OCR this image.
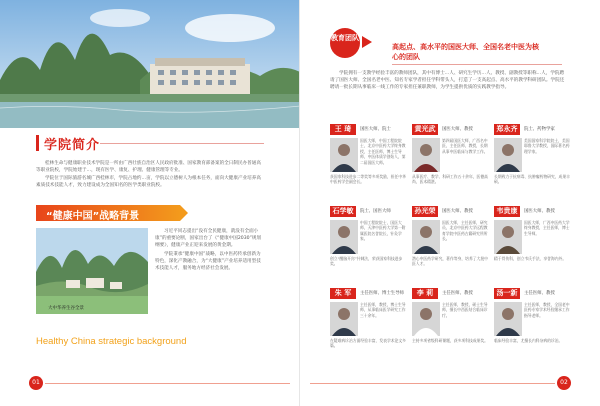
学院简介

桂林生命与健康职业技术学院是一所由广西壮族自治区人民政府批准、国家教育部备案的全日制民办普通高等职业院校，学院始建于…，现有医学、康复、护理、健康管理等专业。

学院位于国际旅游名城广西桂林市，学院占地约…亩，学院以立德树人为根本任务，面向大健康产业培养高素质技术技能人才，致力建设成为全国知名的医学类职业院校。

“健康中国”战略背景
大中华养生谷全景

习近平同志提出“没有全民健康，就没有全面小康”的重要论断，国家出台了《“健康中国2030”规划纲要》，健康产业正迎来发展的黄金期。

学院秉承“健康中国”战略，以中医药传承创新为特色，深化产教融合，为“大健康”产业培养适用型技术技能人才，服务地方经济社会发展。

Healthy China strategic background
01
教育团队
高起点、高水平的国医大师、全国名老中医为核心的团队

学院拥有一支教学经验丰富的教师团队，其中有博士…人、研究生学历…人、教授、副教授等职称…人，学院聘请了国医大师、全国名老中医、知名专家学者担任学科带头人，打造了一支高起点、高水平的教学科研团队。学院还聘请一批长期从事临床一线工作的专家担任兼职教师，为学生提供优质的实践教学指导。

王 琦	国医大师、院士
国医大师，中国工程院院士，北京中医药大学终身教授，主任医师，博士生导师，中医体质学创始人，第二届国医大师。
获国家科技进步二等奖等多项奖励，担任中华中医药学会副会长。
黄光武	国医大师、教授
第四届国医大师，广西名中医，主任医师，教授，长期从事中医临床与教学工作。
从事医疗、教学、科研工作五十余年，医德高尚，医术精湛。
郑永齐	院士、药物学家
美国国家科学院院士，美国耶鲁大学教授，国际著名药理学家。
长期致力于抗病毒、抗肿瘤药物研究，成果丰硕。
石学敏	院士、国医大师
中国工程院院士，国医大师，天津中医药大学第一附属医院名誉院长，针灸学家。
创立“醒脑开窍”针刺法，荣获国家科技进步奖。
孙光荣	国医大师、教授
国医大师，主任医师，研究员，北京中医药大学远程教育学院中医药古籍研究所所长。
潜心中医药学研究，著作等身，培养了大批中医人才。
韦贵康	国医大师、教授
国医大师，广西中医药大学终身教授，主任医师，博士生导师。
精于骨伤科，创立韦氏手法，享誉海内外。
朱 军	主任医师、博士生导师
主任医师，教授，博士生导师，从事临床医学研究工作三十余年。
在疑难病诊治方面经验丰富，发表学术论文多篇。
李 莉	主任医师、教授
主任医师，教授，硕士生导师，擅长中西医结合临床诊疗。
主持多项省级科研课题，获多项科技成果奖。
汤一新	主任医师、教授
主任医师，教授，全国老中医药专家学术经验继承工作指导老师。
临床经验丰富，尤擅长内科杂病的诊治。
02
